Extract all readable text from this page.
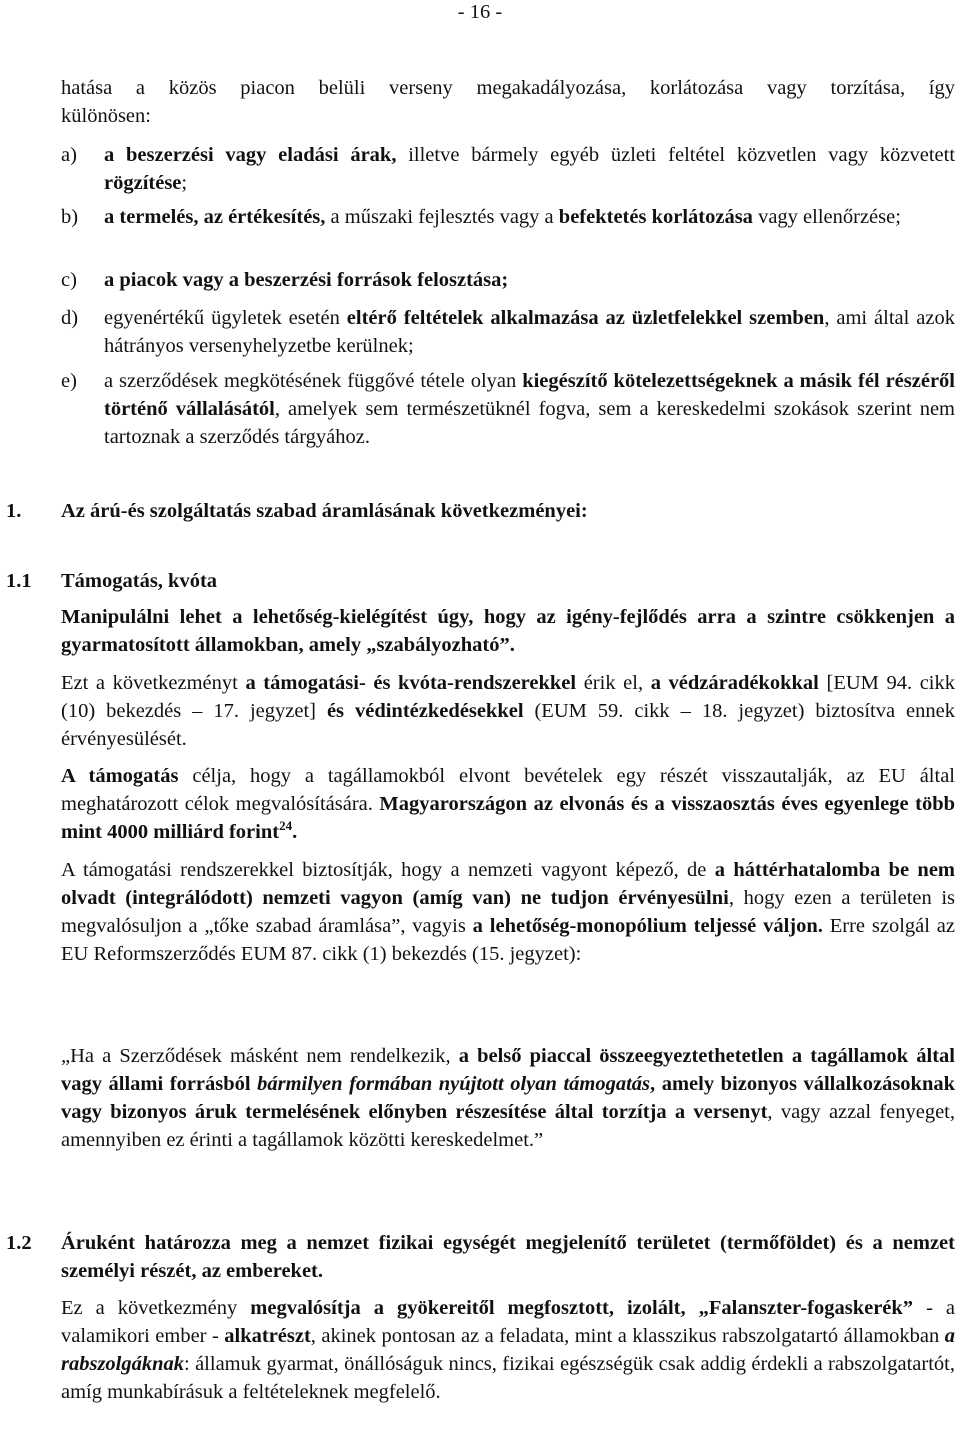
- 16 -
hatása a közös piacon belüli verseny megakadályozása, korlátozása vagy torzítása, így
különösen:
a)	a beszerzési vagy eladási árak, illetve bármely egyéb üzleti feltétel közvetlen vagy közvetett rögzítése;
b)	a termelés, az értékesítés, a műszaki fejlesztés vagy a befektetés korlátozása vagy ellenőrzése;
c)	a piacok vagy a beszerzési források felosztása;
d)	egyenértékű ügyletek esetén eltérő feltételek alkalmazása az üzletfelekkel szemben, ami által azok hátrányos versenyhelyzetbe kerülnek;
e)	a szerződések megkötésének függővé tétele olyan kiegészítő kötelezettségeknek a másik fél részéről történő vállalásától, amelyek sem természetüknél fogva, sem a kereskedelmi szokások szerint nem tartoznak a szerződés tárgyához.
1. Az árú-és szolgáltatás szabad áramlásának következményei:
1.1 Támogatás, kvóta
Manipulálni lehet a lehetőség-kielégítést úgy, hogy az igény-fejlődés arra a szintre csökkenjen a gyarmatosított államokban, amely „szabályozható”.
Ezt a következményt a támogatási- és kvóta-rendszerekkel érik el, a védzáradékokkal [EUM 94. cikk (10) bekezdés – 17. jegyzet] és védintézkedésekkel (EUM 59. cikk – 18. jegyzet) biztosítva ennek érvényesülését.
A támogatás célja, hogy a tagállamokból elvont bevételek egy részét visszautalják, az EU által meghatározott célok megvalósítására. Magyarországon az elvonás és a visszaosztás éves egyenlege több mint 4000 milliárd forint$^{24}$.
A támogatási rendszerekkel biztosítják, hogy a nemzeti vagyont képező, de a háttérhatalomba be nem olvadt (integrálódott) nemzeti vagyon (amíg van) ne tudjon érvényesülni, hogy ezen a területen is megvalósuljon a „tőke szabad áramlása”, vagyis a lehetőség-monopólium teljessé váljon. Erre szolgál az EU Reformszerződés EUM 87. cikk (1) bekezdés (15. jegyzet):
„Ha a Szerződések másként nem rendelkezik, a belső piaccal összeegyeztethetetlen a tagállamok által vagy állami forrásból bármilyen formában nyújtott olyan támogatás, amely bizonyos vállalkozásoknak vagy bizonyos áruk termelésének előnyben részesítése által torzítja a versenyt, vagy azzal fenyeget, amennyiben ez érinti a tagállamok közötti kereskedelmet.”
1.2 Áruként határozza meg a nemzet fizikai egységét megjelenítő területet (termőföldet) és a nemzet személyi részét, az embereket.
Ez a következmény megvalósítja a gyökereitől megfosztott, izolált, „Falanszter-fogaskerék” - a valamikori ember - alkatrészt, akinek pontosan az a feladata, mint a klasszikus rabszolgatartó államokban a rabszolgáknak: államuk gyarmat, önállóságuk nincs, fizikai egészségük csak addig érdekli a rabszolgatartót, amíg munkabírásuk a feltételeknek megfelelő.
